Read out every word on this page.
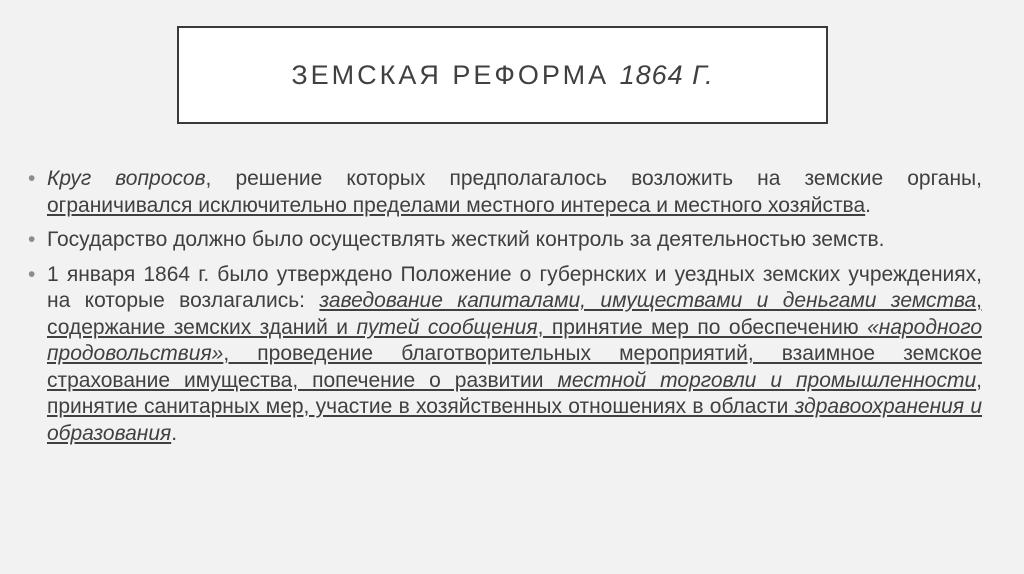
ЗЕМСКАЯ РЕФОРМА 1864 Г.
• Круг вопросов, решение которых предполагалось возложить на земские органы, ограничивался исключительно пределами местного интереса и местного хозяйства.
• Государство должно было осуществлять жесткий контроль за деятельностью земств.
• 1 января 1864 г. было утверждено Положение о губернских и уездных земских учреждениях, на которые возлагались: заведование капиталами, имуществами и деньгами земства, содержание земских зданий и путей сообщения, принятие мер по обеспечению «народного продовольствия», проведение благотворительных мероприятий, взаимное земское страхование имущества, попечение о развитии местной торговли и промышленности, принятие санитарных мер, участие в хозяйственных отношениях в области здравоохранения и образования.
